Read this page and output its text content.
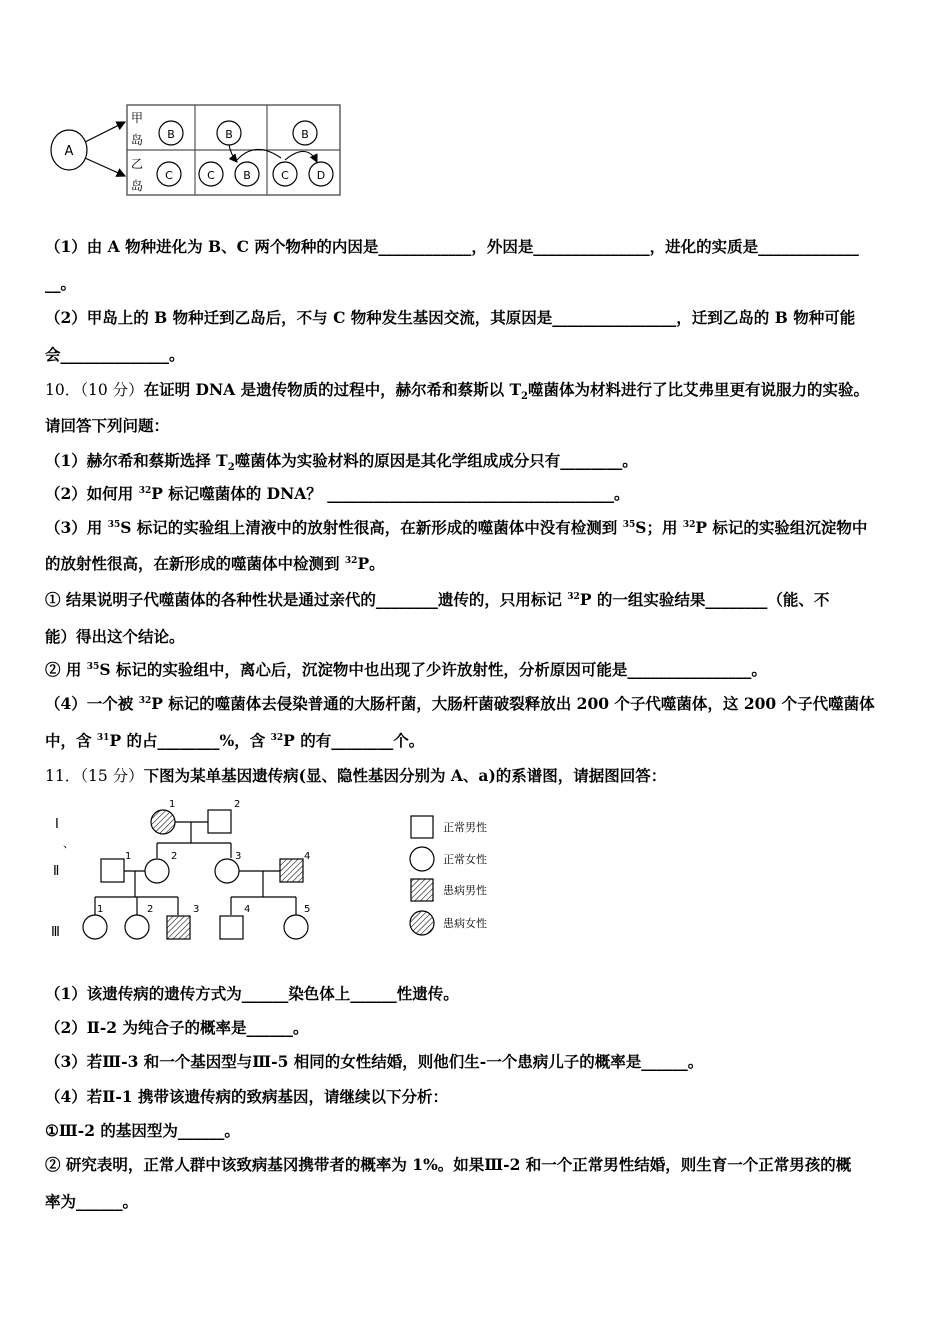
A
甲
岛
乙
岛
B	B	B
C	C	B	C	D
（1）由 A 物种进化为 B、C 两个物种的内因是____________，外因是_______________，进化的实质是_____________
__。
（2）甲岛上的 B 物种迁到乙岛后，不与 C 物种发生基因交流，其原因是________________，迁到乙岛的 B 物种可能
会______________。
10．（10 分）在证明 DNA 是遗传物质的过程中，赫尔希和蔡斯以 $T_2$噬菌体为材料进行了比艾弗里更有说服力的实验。
请回答下列问题：
（1）赫尔希和蔡斯选择 $T_2$噬菌体为实验材料的原因是其化学组成成分只有________。
（2）如何用 $^{32}$P 标记噬菌体的 DNA？ _____________________________________。
（3）用 $^{35}$S 标记的实验组上清液中的放射性很高，在新形成的噬菌体中没有检测到 $^{35}$S；用 $^{32}$P 标记的实验组沉淀物中
的放射性很高，在新形成的噬菌体中检测到 $^{32}$P。
① 结果说明子代噬菌体的各种性状是通过亲代的________遗传的，只用标记 $^{32}$P 的一组实验结果________（能、不
能）得出这个结论。
② 用 $^{35}$S 标记的实验组中，离心后，沉淀物中也出现了少许放射性，分析原因可能是________________。
（4）一个被 $^{32}$P 标记的噬菌体去侵染普通的大肠杆菌，大肠杆菌破裂释放出 200 个子代噬菌体，这 200 个子代噬菌体
中，含 $^{31}$P 的占________%，含 $^{32}$P 的有________个。
11．（15 分）下图为某单基因遗传病(显、隐性基因分别为 A、a)的系谱图，请据图回答：
Ⅰ
、
Ⅱ
Ⅲ
1	2
1	2	3	4
1	2	3	4	5
正常男性
正常女性
患病男性
患病女性
（1）该遗传病的遗传方式为______染色体上______性遗传。
（2）Ⅱ-2 为纯合子的概率是______。
（3）若Ⅲ-3 和一个基因型与Ⅲ-5 相同的女性结婚，则他们生-一个患病儿子的概率是______。
（4）若Ⅱ-1 携带该遗传病的致病基因，请继续以下分析：
①Ⅲ-2 的基因型为______。
② 研究表明，正常人群中该致病基冈携带者的概率为 1%。如果Ⅲ-2 和一个正常男性结婚，则生育一个正常男孩的概
率为______。
